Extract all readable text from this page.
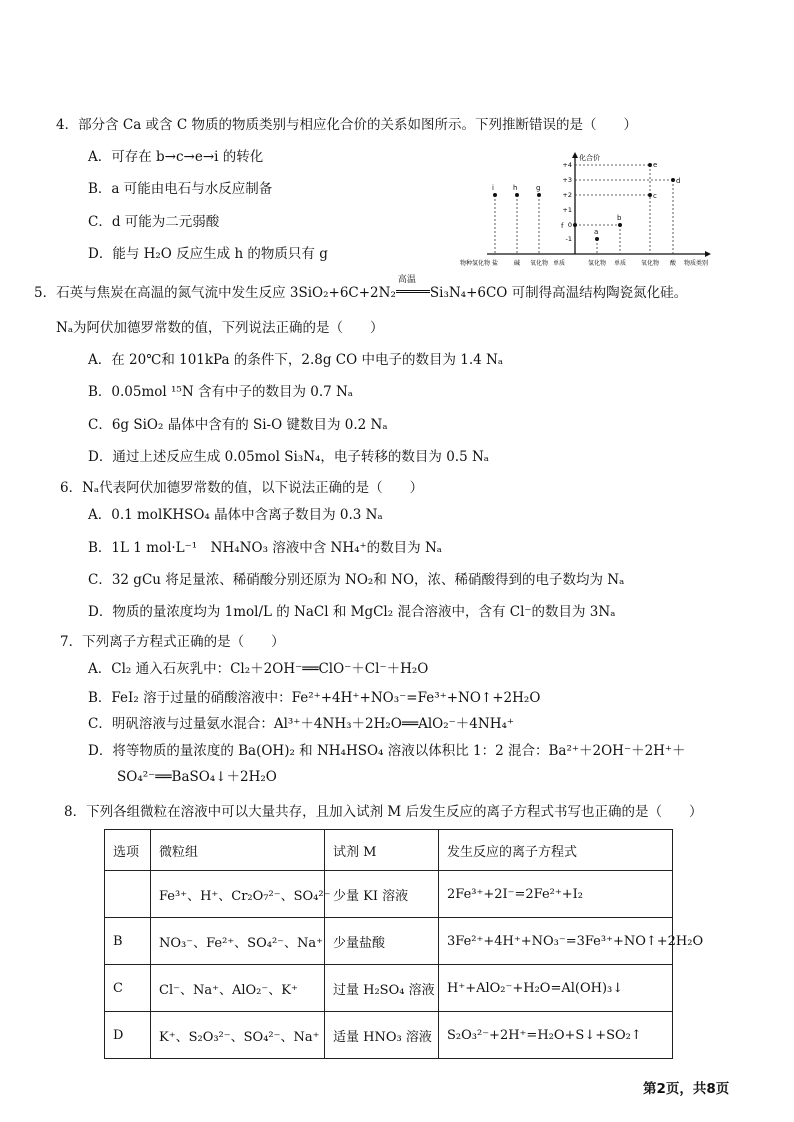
4．部分含 Ca 或含 C 物质的物质类别与相应化合价的关系如图所示。下列推断错误的是（　　）
A．可存在 b→c→e→i 的转化
B．a 可能由电石与水反应制备
C．d 可能为二元弱酸
D．能与 H₂O 反应生成 h 的物质只有 g
化合价
+4
+3
+2
+1
0
-1
i	h	g
f
e
c
d
b
a
物种氢化物 盐	碱 氧化物 单质	氢化物 单质 氧化物 酸 物质类别
5．石英与焦炭在高温的氮气流中发生反应 3SiO₂+6C+2N₂
高温
Si₃N₄+6CO 可制得高温结构陶瓷氮化硅。
Nₐ为阿伏加德罗常数的值，下列说法正确的是（　　）
A．在 20℃和 101kPa 的条件下，2.8g CO 中电子的数目为 1.4 Nₐ
B．0.05mol ¹⁵N 含有中子的数目为 0.7 Nₐ
C．6g SiO₂ 晶体中含有的 Si-O 键数目为 0.2 Nₐ
D．通过上述反应生成 0.05mol Si₃N₄，电子转移的数目为 0.5 Nₐ
6．Nₐ代表阿伏加德罗常数的值，以下说法正确的是（　　）
A．0.1 molKHSO₄ 晶体中含离子数目为 0.3 Nₐ
B．1L 1 mol·L⁻¹　NH₄NO₃ 溶液中含 NH₄⁺的数目为 Nₐ
C．32 gCu 将足量浓、稀硝酸分别还原为 NO₂和 NO，浓、稀硝酸得到的电子数均为 Nₐ
D．物质的量浓度均为 1mol/L 的 NaCl 和 MgCl₂ 混合溶液中，含有 Cl⁻的数目为 3Nₐ
7．下列离子方程式正确的是（　　）
A．Cl₂ 通入石灰乳中：Cl₂＋2OH⁻══ClO⁻＋Cl⁻＋H₂O
B．FeI₂ 溶于过量的硝酸溶液中：Fe²⁺+4H⁺+NO₃⁻=Fe³⁺+NO↑+2H₂O
C．明矾溶液与过量氨水混合：Al³⁺＋4NH₃＋2H₂O══AlO₂⁻＋4NH₄⁺
D．将等物质的量浓度的 Ba(OH)₂ 和 NH₄HSO₄ 溶液以体积比 1：2 混合：Ba²⁺＋2OH⁻＋2H⁺＋
SO₄²⁻══BaSO₄↓＋2H₂O
8．下列各组微粒在溶液中可以大量共存，且加入试剂 M 后发生反应的离子方程式书写也正确的是（　　）
选项	微粒组	试剂 M	发生反应的离子方程式
	Fe³⁺、H⁺、Cr₂O₇²⁻、SO₄²⁻	少量 KI 溶液	2Fe³⁺+2I⁻=2Fe²⁺+I₂
B	NO₃⁻、Fe²⁺、SO₄²⁻、Na⁺	少量盐酸	3Fe²⁺+4H⁺+NO₃⁻=3Fe³⁺+NO↑+2H₂O
C	Cl⁻、Na⁺、AlO₂⁻、K⁺	过量 H₂SO₄ 溶液	H⁺+AlO₂⁻+H₂O=Al(OH)₃↓
D	K⁺、S₂O₃²⁻、SO₄²⁻、Na⁺	适量 HNO₃ 溶液	S₂O₃²⁻+2H⁺=H₂O+S↓+SO₂↑
第2页，共8页
